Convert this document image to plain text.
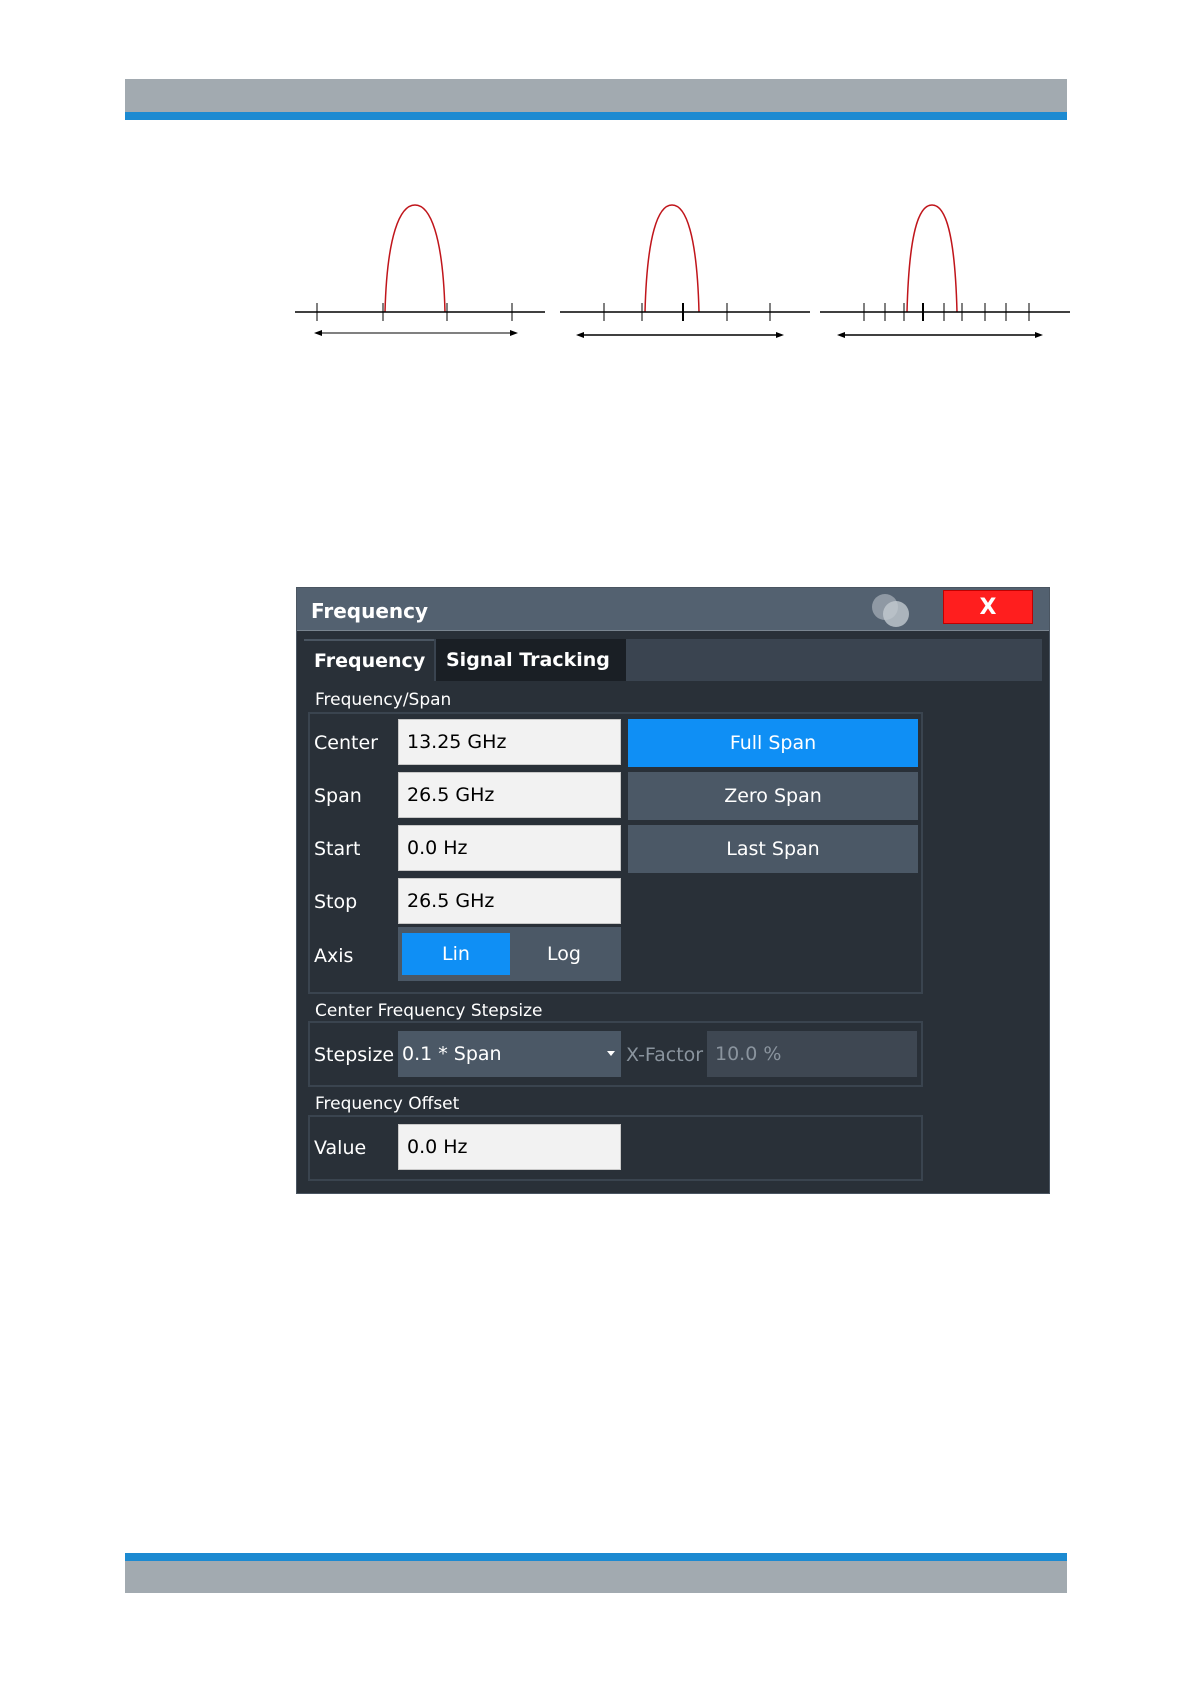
Frequency	X
Frequency	Signal Tracking
Frequency/Span
Center	13.25 GHz
Span	26.5 GHz
Start	0.0 Hz
Stop	26.5 GHz
Full Span
Zero Span
Last Span
Axis	Lin	Log
Center Frequency Stepsize
Stepsize 0.1 * Span	X-Factor 10.0 %
Frequency Offset
Value	0.0 Hz
